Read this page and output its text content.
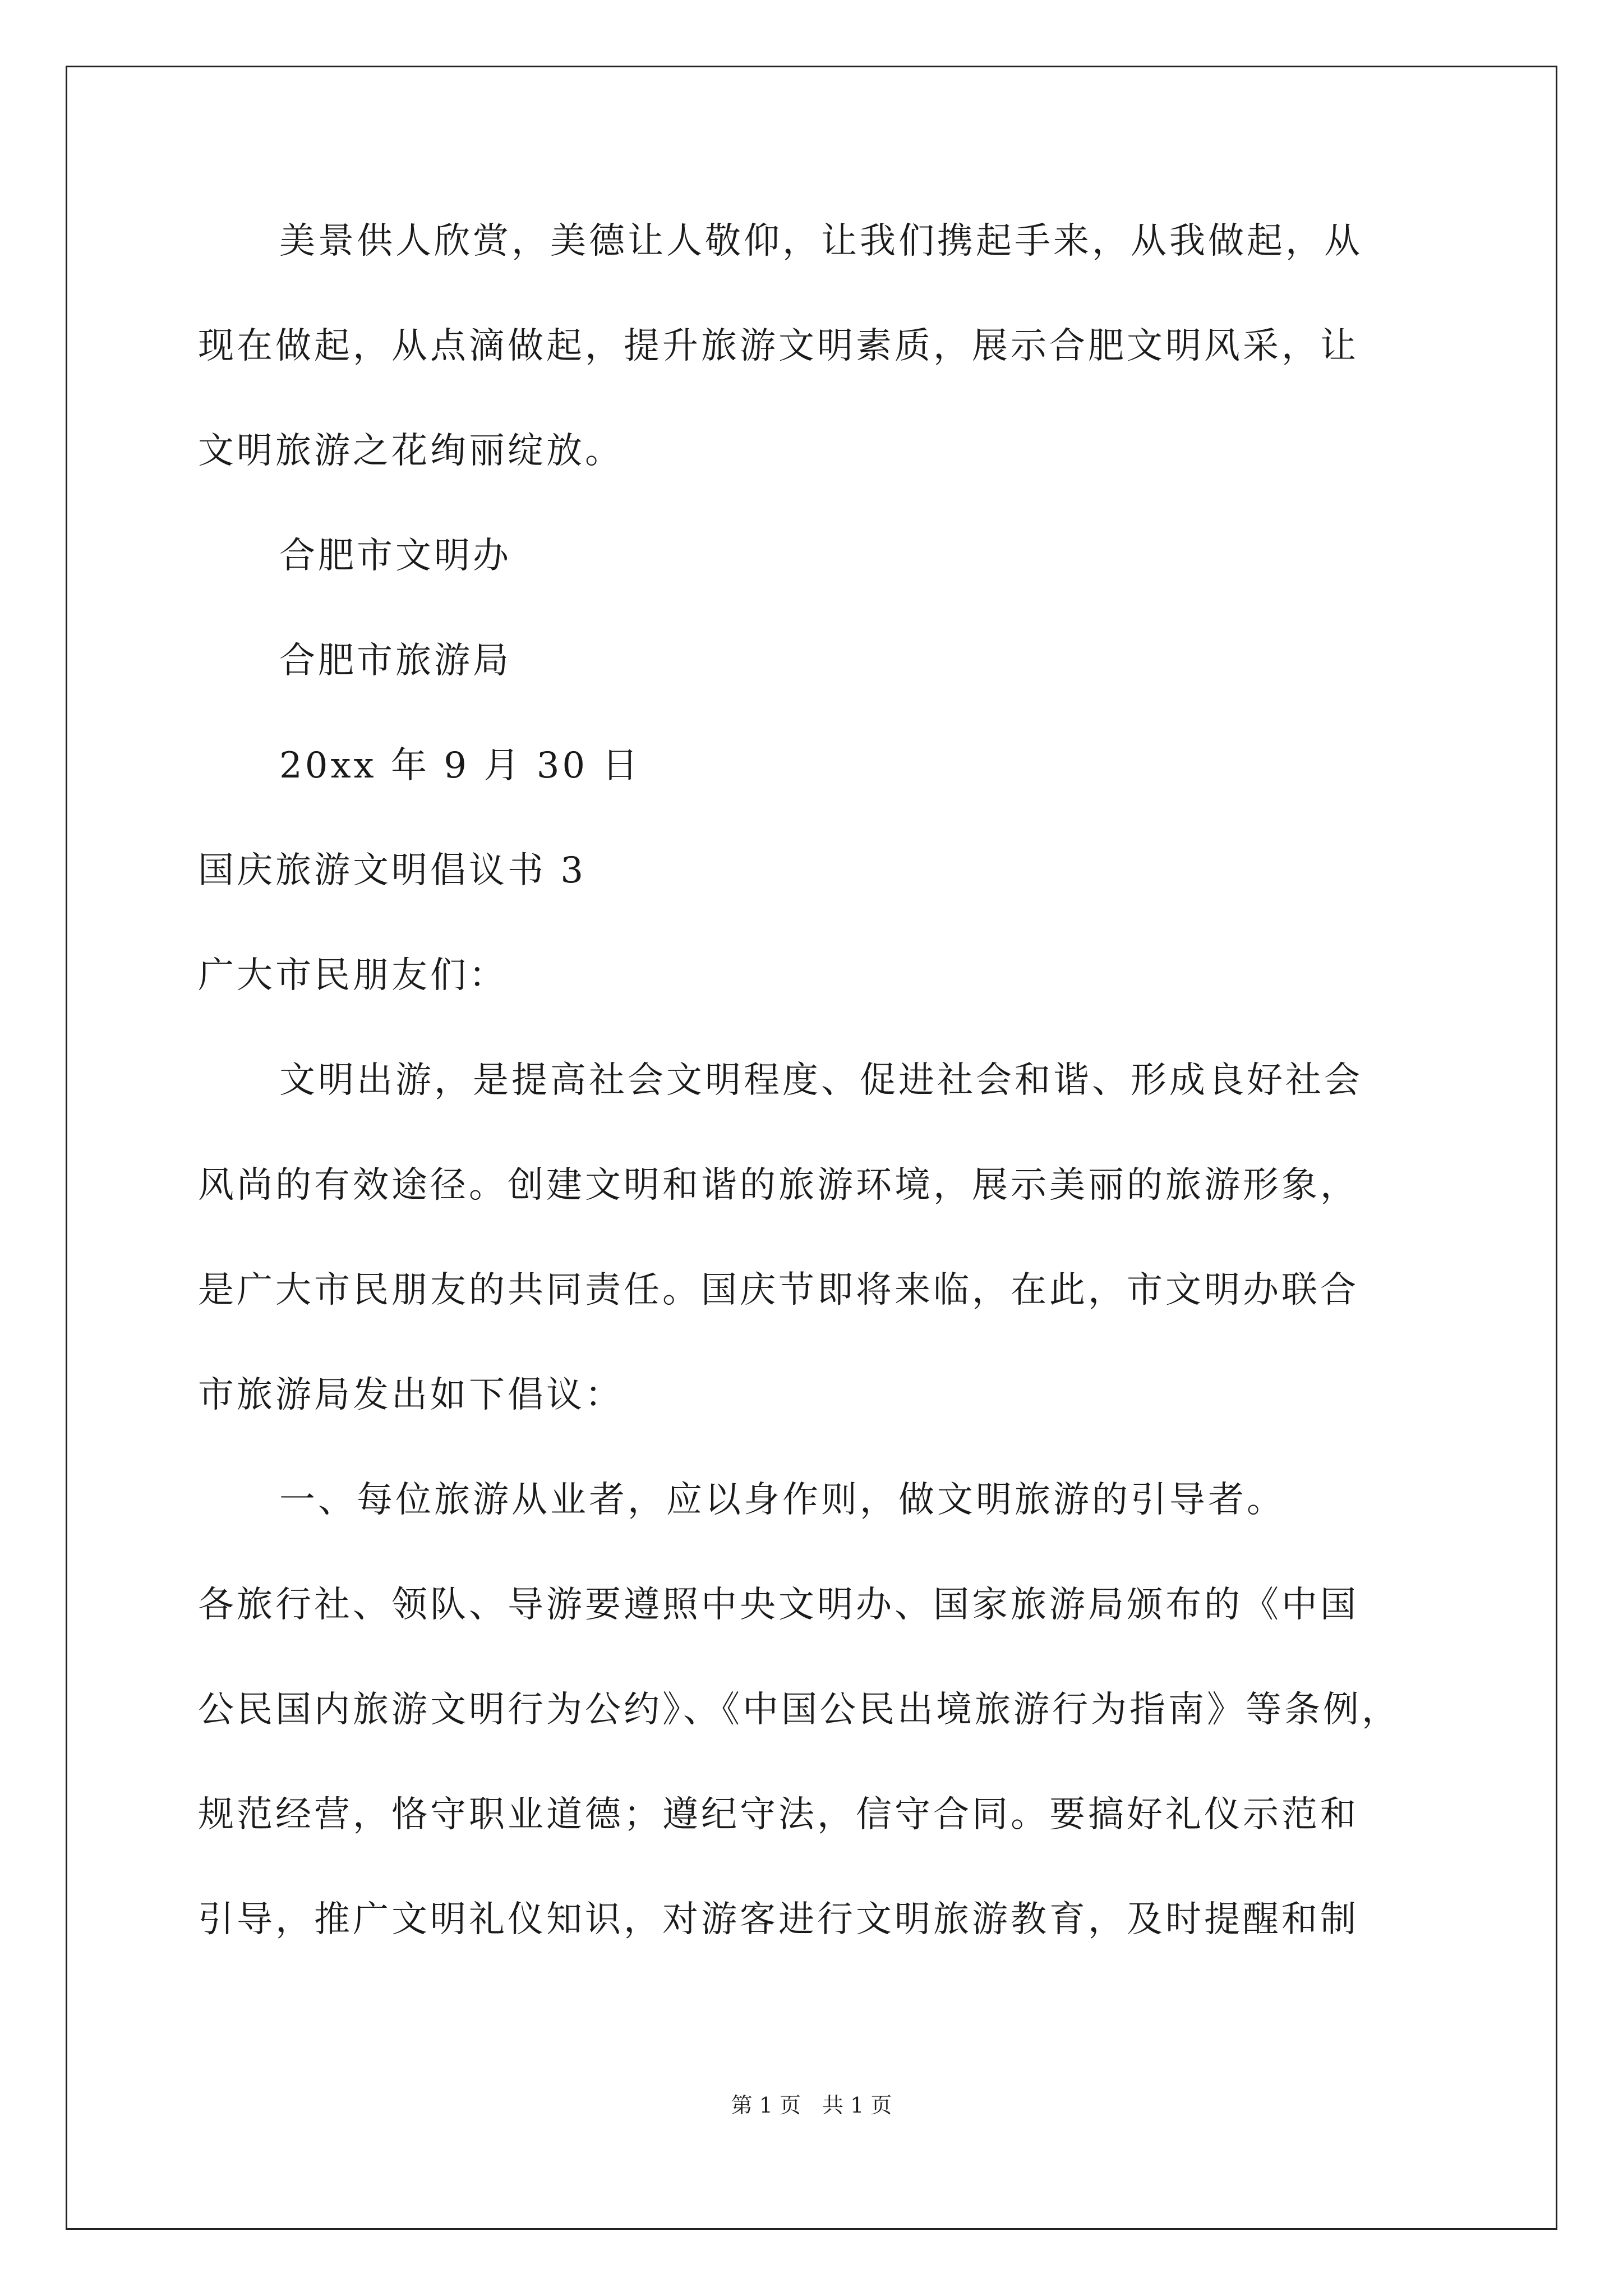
美景供人欣赏，美德让人敬仰，让我们携起手来，从我做起，从
现在做起，从点滴做起，提升旅游文明素质，展示合肥文明风采，让
文明旅游之花绚丽绽放。
合肥市文明办
合肥市旅游局
20xx 年 9 月 30 日
国庆旅游文明倡议书 3
广大市民朋友们：
文明出游，是提高社会文明程度、促进社会和谐、形成良好社会
风尚的有效途径。创建文明和谐的旅游环境，展示美丽的旅游形象，
是广大市民朋友的共同责任。国庆节即将来临，在此，市文明办联合
市旅游局发出如下倡议：
一、每位旅游从业者，应以身作则，做文明旅游的引导者。
各旅行社、领队、导游要遵照中央文明办、国家旅游局颁布的《中国
公民国内旅游文明行为公约》、《中国公民出境旅游行为指南》等条例，
规范经营，恪守职业道德；遵纪守法，信守合同。要搞好礼仪示范和
引导，推广文明礼仪知识，对游客进行文明旅游教育，及时提醒和制
第 1 页　共 1 页
